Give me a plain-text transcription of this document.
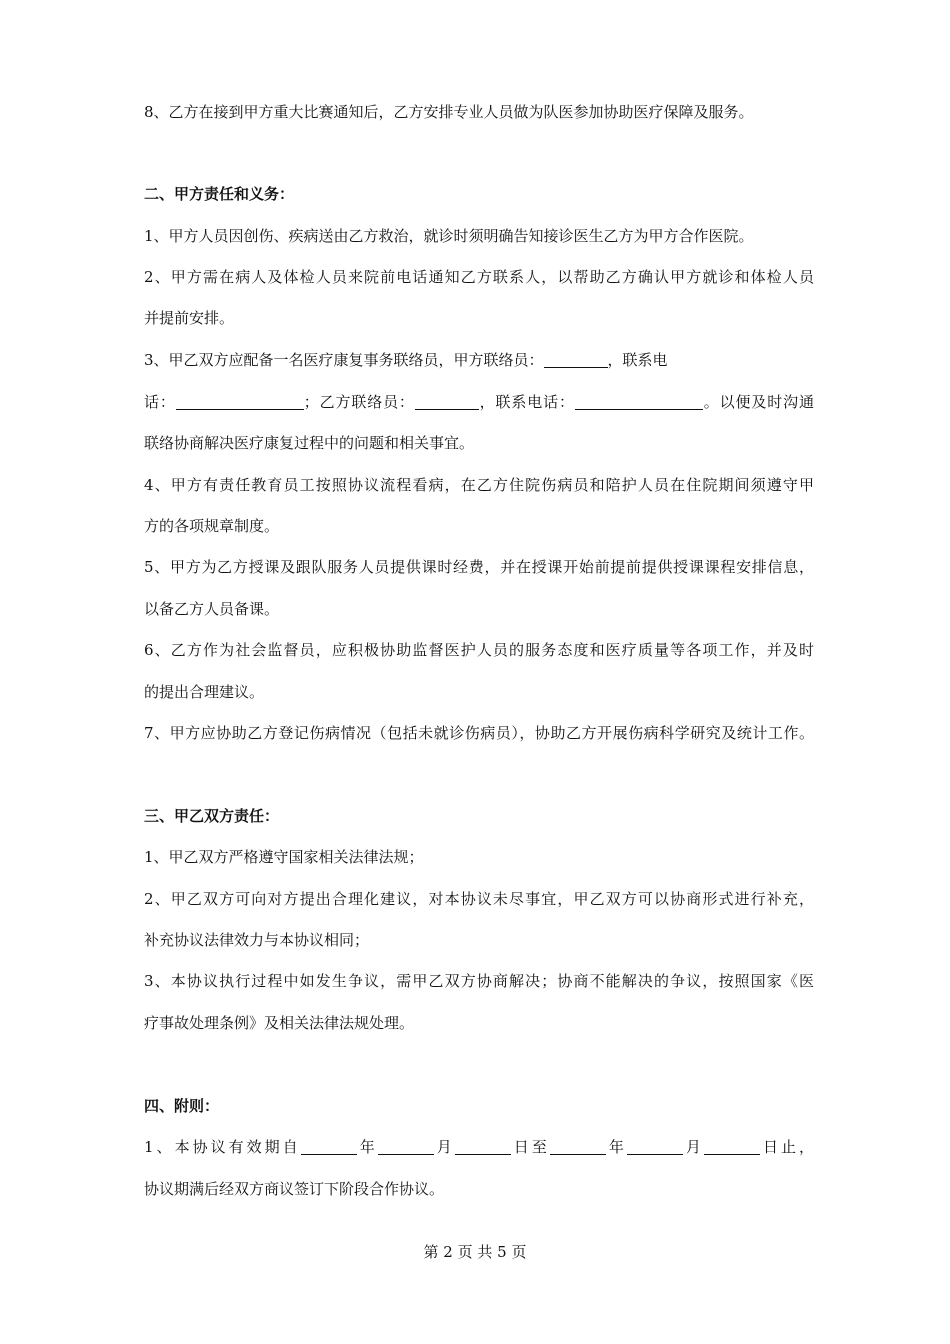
8、乙方在接到甲方重大比赛通知后，乙方安排专业人员做为队医参加协助医疗保障及服务。
二、甲方责任和义务：
1、甲方人员因创伤、疾病送由乙方救治，就诊时须明确告知接诊医生乙方为甲方合作医院。
2、甲方需在病人及体检人员来院前电话通知乙方联系人，以帮助乙方确认甲方就诊和体检人员
并提前安排。
3、甲乙双方应配备一名医疗康复事务联络员，甲方联络员：	，联系电
话：	；乙方联络员：	，联系电话：	。以便及时沟通
联络协商解决医疗康复过程中的问题和相关事宜。
4、甲方有责任教育员工按照协议流程看病，在乙方住院伤病员和陪护人员在住院期间须遵守甲
方的各项规章制度。
5、甲方为乙方授课及跟队服务人员提供课时经费，并在授课开始前提前提供授课课程安排信息，
以备乙方人员备课。
6、乙方作为社会监督员，应积极协助监督医护人员的服务态度和医疗质量等各项工作，并及时
的提出合理建议。
7、甲方应协助乙方登记伤病情况（包括未就诊伤病员），协助乙方开展伤病科学研究及统计工作。
三、甲乙双方责任：
1、甲乙双方严格遵守国家相关法律法规；
2、甲乙双方可向对方提出合理化建议，对本协议未尽事宜，甲乙双方可以协商形式进行补充，
补充协议法律效力与本协议相同；
3、本协议执行过程中如发生争议，需甲乙双方协商解决；协商不能解决的争议，按照国家《医
疗事故处理条例》及相关法律法规处理。
四、附则：
1、本协议有效期自	年	月	日至	年	月	日止，
协议期满后经双方商议签订下阶段合作协议。
第 2 页 共 5 页
